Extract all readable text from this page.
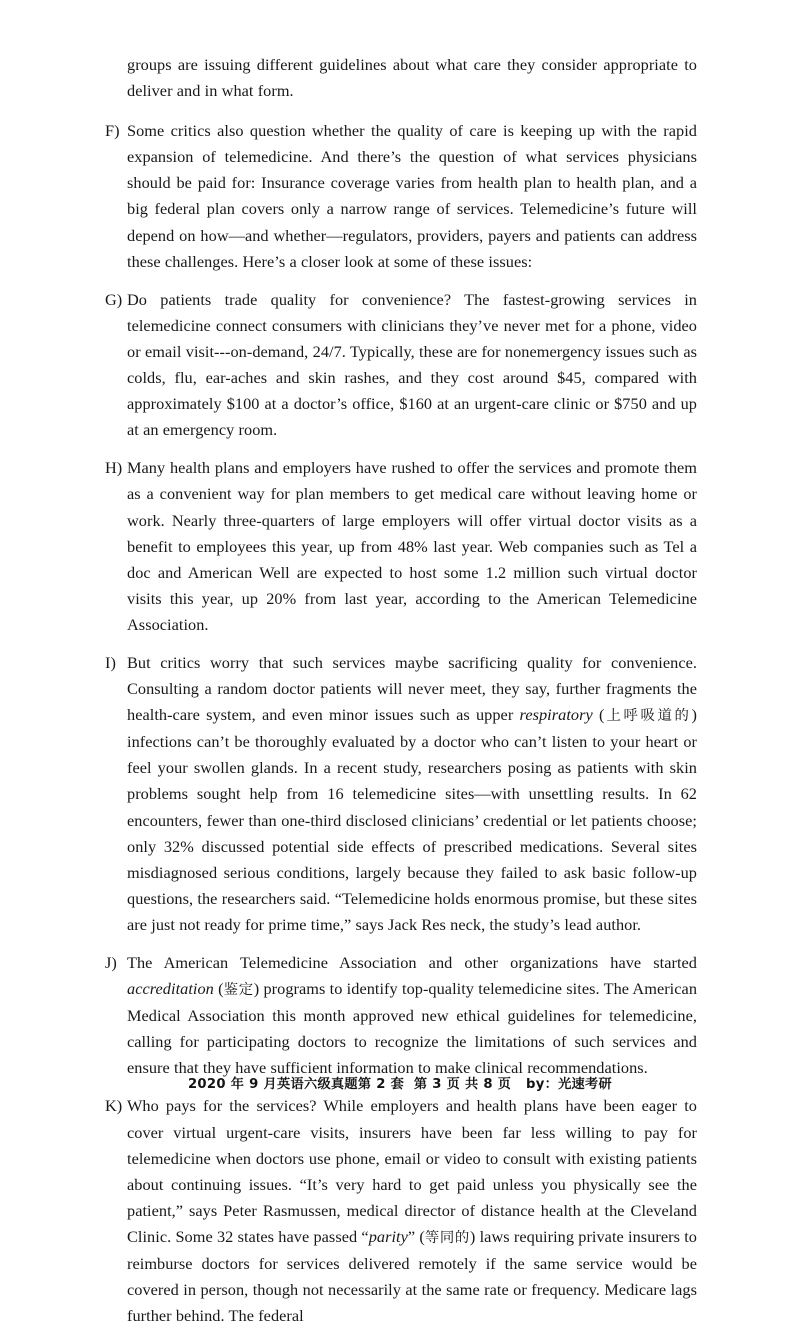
groups are issuing different guidelines about what care they consider appropriate to deliver and in what form.

F) Some critics also question whether the quality of care is keeping up with the rapid expansion of telemedicine. And there’s the question of what services physicians should be paid for: Insurance coverage varies from health plan to health plan, and a big federal plan covers only a narrow range of services. Telemedicine’s future will depend on how—and whether—regulators, providers, payers and patients can address these challenges. Here’s a closer look at some of these issues:

G) Do patients trade quality for convenience? The fastest-growing services in telemedicine connect consumers with clinicians they’ve never met for a phone, video or email visit---on-demand, 24/7. Typically, these are for nonemergency issues such as colds, flu, ear-aches and skin rashes, and they cost around $45, compared with approximately $100 at a doctor’s office, $160 at an urgent-care clinic or $750 and up at an emergency room.

H) Many health plans and employers have rushed to offer the services and promote them as a convenient way for plan members to get medical care without leaving home or work. Nearly three-quarters of large employers will offer virtual doctor visits as a benefit to employees this year, up from 48% last year. Web companies such as Tel a doc and American Well are expected to host some 1.2 million such virtual doctor visits this year, up 20% from last year, according to the American Telemedicine Association.

I) But critics worry that such services maybe sacrificing quality for convenience. Consulting a random doctor patients will never meet, they say, further fragments the health-care system, and even minor issues such as upper respiratory (上呼吸道的) infections can’t be thoroughly evaluated by a doctor who can’t listen to your heart or feel your swollen glands. In a recent study, researchers posing as patients with skin problems sought help from 16 telemedicine sites—with unsettling results. In 62 encounters, fewer than one-third disclosed clinicians’ credential or let patients choose; only 32% discussed potential side effects of prescribed medications. Several sites misdiagnosed serious conditions, largely because they failed to ask basic follow-up questions, the researchers said. “Telemedicine holds enormous promise, but these sites are just not ready for prime time,” says Jack Res neck, the study’s lead author.

J) The American Telemedicine Association and other organizations have started accreditation (鉴定) programs to identify top-quality telemedicine sites. The American Medical Association this month approved new ethical guidelines for telemedicine, calling for participating doctors to recognize the limitations of such services and ensure that they have sufficient information to make clinical recommendations.

K) Who pays for the services? While employers and health plans have been eager to cover virtual urgent-care visits, insurers have been far less willing to pay for telemedicine when doctors use phone, email or video to consult with existing patients about continuing issues. “It’s very hard to get paid unless you physically see the patient,” says Peter Rasmussen, medical director of distance health at the Cleveland Clinic. Some 32 states have passed “parity” (等同的) laws requiring private insurers to reimburse doctors for services delivered remotely if the same service would be covered in person, though not necessarily at the same rate or frequency. Medicare lags further behind. The federal

2020 年 9 月英语六级真题第 2 套  第 3 页 共 8 页   by：光速考研
